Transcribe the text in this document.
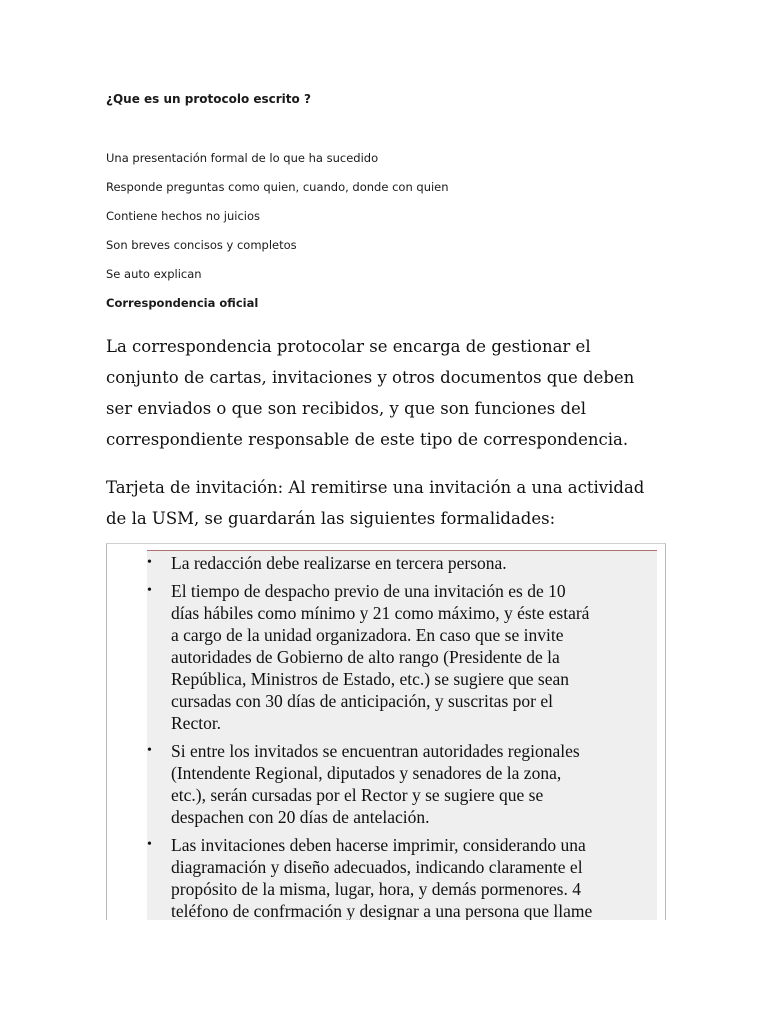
¿Que es un protocolo escrito ?
Una presentación formal de lo que ha sucedido
Responde preguntas como quien, cuando, donde con quien
Contiene hechos no juicios
Son breves concisos y completos
Se auto explican
Correspondencia oficial

La correspondencia protocolar se encarga de gestionar el
conjunto de cartas, invitaciones y otros documentos que deben
ser enviados o que son recibidos, y que son funciones del
correspondiente responsable de este tipo de correspondencia.

Tarjeta de invitación: Al remitirse una invitación a una actividad
de la USM, se guardarán las siguientes formalidades:

• La redacción debe realizarse en tercera persona.
• El tiempo de despacho previo de una invitación es de 10
días hábiles como mínimo y 21 como máximo, y éste estará
a cargo de la unidad organizadora. En caso que se invite
autoridades de Gobierno de alto rango (Presidente de la
República, Ministros de Estado, etc.) se sugiere que sean
cursadas con 30 días de anticipación, y suscritas por el
Rector.
• Si entre los invitados se encuentran autoridades regionales
(Intendente Regional, diputados y senadores de la zona,
etc.), serán cursadas por el Rector y se sugiere que se
despachen con 20 días de antelación.
• Las invitaciones deben hacerse imprimir, considerando una
diagramación y diseño adecuados, indicando claramente el
propósito de la misma, lugar, hora, y demás pormenores. 4
teléfono de confrmación y designar a una persona que llame
